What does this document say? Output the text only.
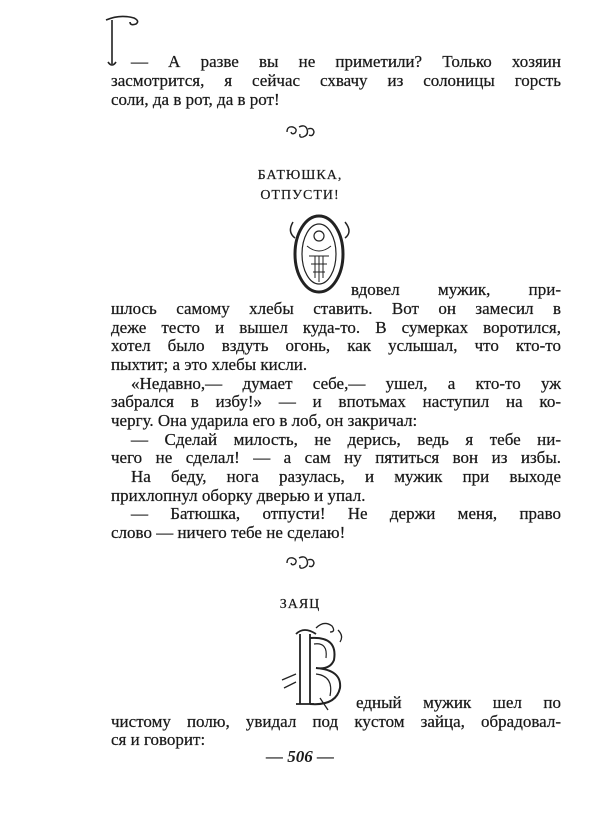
— А разве вы не приметили? Только хозяин
засмотрится, я сейчас схвачу из солоницы горсть
соли, да в рот, да в рот!
БАТЮШКА,
ОТПУСТИ!
вдовел мужик, при-
шлось самому хлебы ставить. Вот он замесил в
деже тесто и вышел куда-то. В сумерках воротился,
хотел было вздуть огонь, как услышал, что кто-то
пыхтит; а это хлебы кисли.
«Недавно,— думает себе,— ушел, а кто-то уж
забрался в избу!» — и впотьмах наступил на ко-
чергу. Она ударила его в лоб, он закричал:
— Сделай милость, не дерись, ведь я тебе ни-
чего не сделал! — а сам ну пятиться вон из избы.
На беду, нога разулась, и мужик при выходе
прихлопнул оборку дверью и упал.
— Батюшка, отпусти! Не держи меня, право
слово — ничего тебе не сделаю!
ЗАЯЦ
едный мужик шел по
чистому полю, увидал под кустом зайца, обрадовал-
ся и говорит:
— 506 —
